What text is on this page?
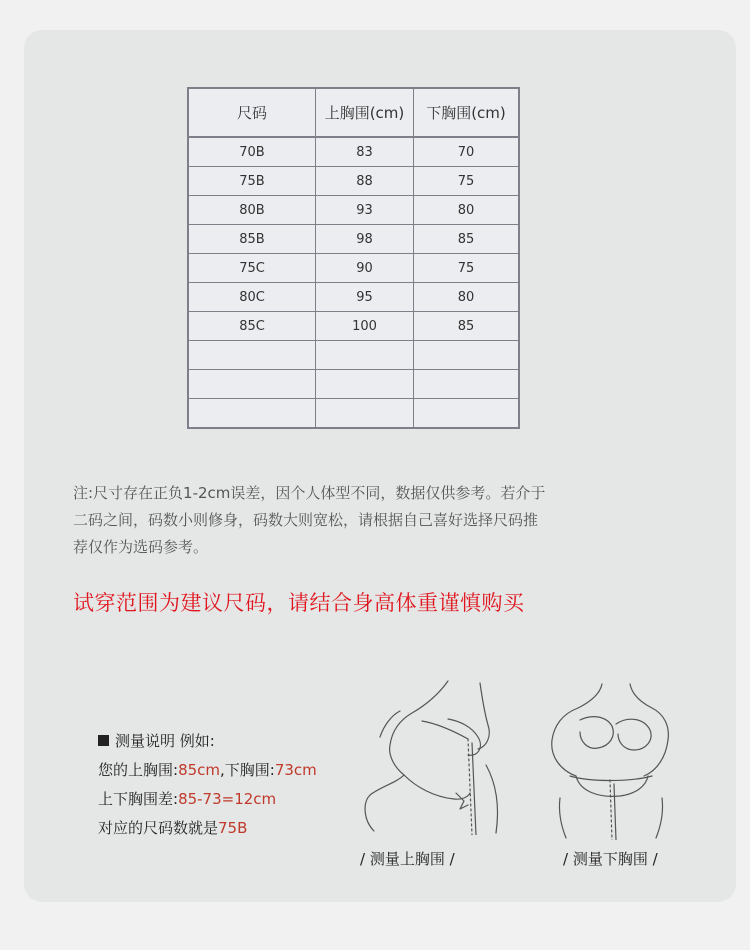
尺码	上胸围(cm)	下胸围(cm)
70B	83	70
75B	88	75
80B	93	80
85B	98	85
75C	90	75
80C	95	80
85C	100	85

注:尺寸存在正负1-2cm误差，因个人体型不同，数据仅供参考。若介于
二码之间，码数小则修身，码数大则宽松，请根据自己喜好选择尺码推
荐仅作为选码参考。
试穿范围为建议尺码，请结合身高体重谨慎购买
测量说明 例如:
您的上胸围:85cm,下胸围:73cm
上下胸围差:85-73=12cm
对应的尺码数就是75B
/ 测量上胸围 /	/ 测量下胸围 /
